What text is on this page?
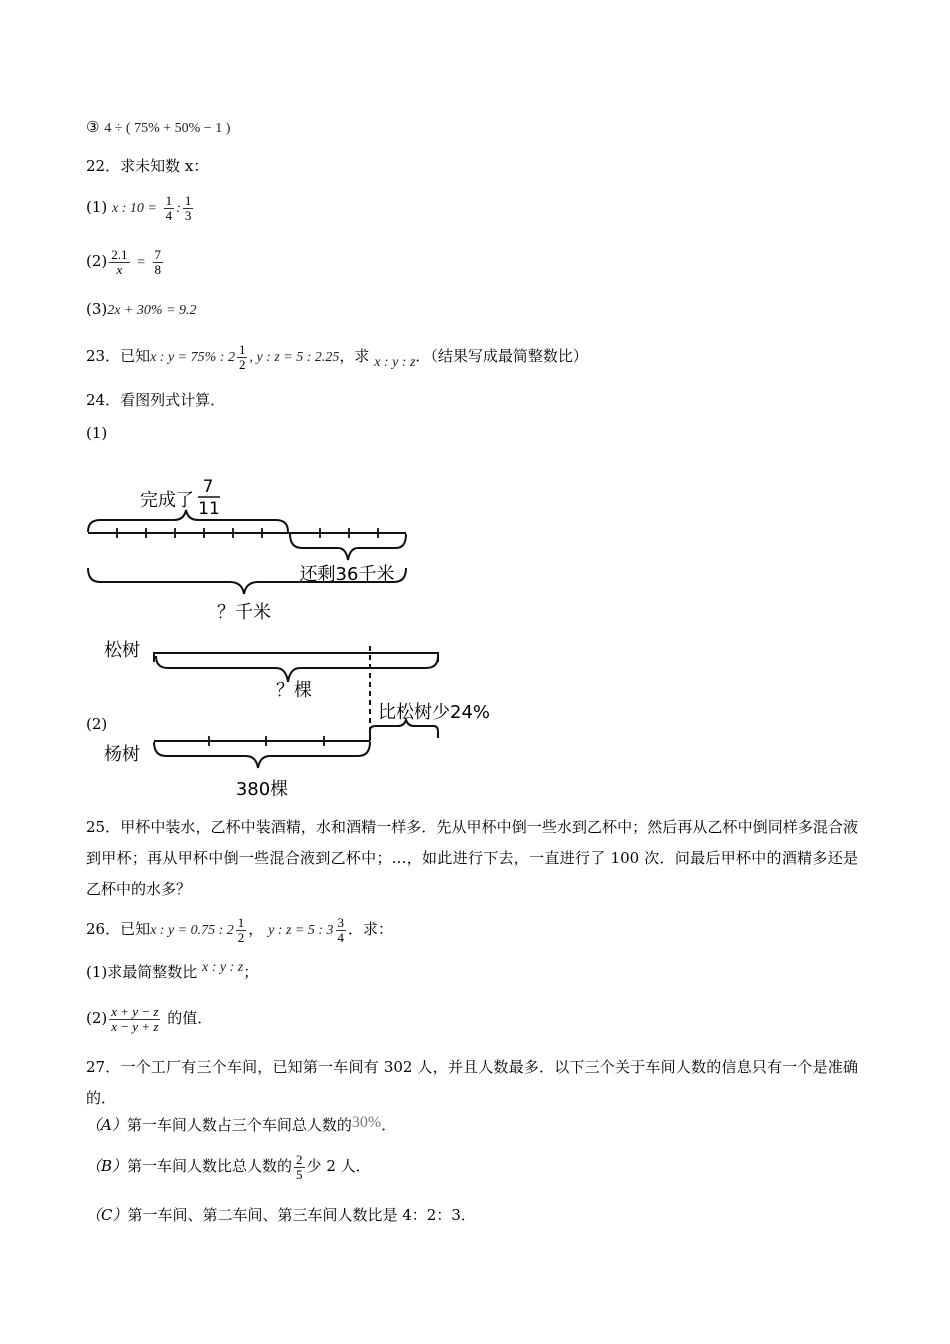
③ 4 ÷ ( 75% + 50% − 1 )
22．求未知数 x：
(1) x : $10 = \frac{1}{4}$ : $\frac{1}{3}$
$(2) \frac{2.1}{x} = \frac{7}{8}$
(3)2x + 30% = 9.2
23．已知x : y = 75% : $2 \frac{1}{2}$ , y : z = 5 : 2.25，求 x : y : z．（结果写成最简整数比）
24．看图列式计算．
(1)
(2)
完成了
7
11
还剩36千米
？千米
松树
？棵
比松树少24%
杨树
380棵
25．甲杯中装水，乙杯中装酒精，水和酒精一样多．先从甲杯中倒一些水到乙杯中；然后再从乙杯中倒同样多混合液到甲杯；再从甲杯中倒一些混合液到乙杯中；…，如此进行下去，一直进行了 100 次．问最后甲杯中的酒精多还是乙杯中的水多？
26．已知x : y = 0.75 : $2 \frac{1}{2}$ ， y : z = 5 : $3 \frac{3}{4}$ ．求：
(1)求最简整数比 x : y : z；
$(2) \frac{x + y - z}{x - y + z}$ 的值．
27．一个工厂有三个车间，已知第一车间有 302 人，并且人数最多．以下三个关于车间人数的信息只有一个是准确的．
（A）第一车间人数占三个车间总人数的30%．
（B）第一车间人数比总人数的 $\frac{2}{5}$ 少 2 人．
（C）第一车间、第二车间、第三车间人数比是 4：2：3．
